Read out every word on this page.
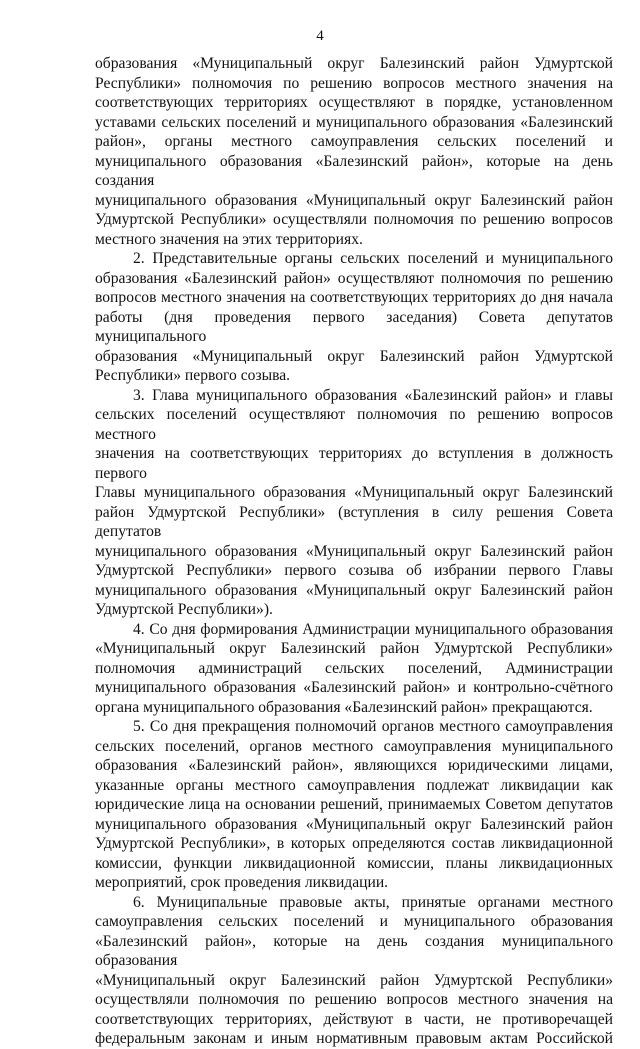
4
образования «Муниципальный округ Балезинский район Удмуртской
Республики» полномочия по решению вопросов местного значения на
соответствующих территориях осуществляют в порядке, установленном
уставами сельских поселений и муниципального образования «Балезинский
район», органы местного самоуправления сельских поселений и
муниципального образования «Балезинский район», которые на день создания
муниципального образования «Муниципальный округ Балезинский район
Удмуртской Республики» осуществляли полномочия по решению вопросов
местного значения на этих территориях.
2. Представительные органы сельских поселений и муниципального
образования «Балезинский район» осуществляют полномочия по решению
вопросов местного значения на соответствующих территориях до дня начала
работы (дня проведения первого заседания) Совета депутатов муниципального
образования «Муниципальный округ Балезинский район Удмуртской
Республики» первого созыва.
3. Глава муниципального образования «Балезинский район» и главы
сельских поселений осуществляют полномочия по решению вопросов местного
значения на соответствующих территориях до вступления в должность первого
Главы муниципального образования «Муниципальный округ Балезинский
район Удмуртской Республики» (вступления в силу решения Совета депутатов
муниципального образования «Муниципальный округ Балезинский район
Удмуртской Республики» первого созыва об избрании первого Главы
муниципального образования «Муниципальный округ Балезинский район
Удмуртской Республики»).
4. Со дня формирования Администрации муниципального образования
«Муниципальный округ Балезинский район Удмуртской Республики»
полномочия администраций сельских поселений, Администрации
муниципального образования «Балезинский район» и контрольно-счётного
органа муниципального образования «Балезинский район» прекращаются.
5. Со дня прекращения полномочий органов местного самоуправления
сельских поселений, органов местного самоуправления муниципального
образования «Балезинский район», являющихся юридическими лицами,
указанные органы местного самоуправления подлежат ликвидации как
юридические лица на основании решений, принимаемых Советом депутатов
муниципального образования «Муниципальный округ Балезинский район
Удмуртской Республики», в которых определяются состав ликвидационной
комиссии, функции ликвидационной комиссии, планы ликвидационных
мероприятий, срок проведения ликвидации.
6. Муниципальные правовые акты, принятые органами местного
самоуправления сельских поселений и муниципального образования
«Балезинский район», которые на день создания муниципального образования
«Муниципальный округ Балезинский район Удмуртской Республики»
осуществляли полномочия по решению вопросов местного значения на
соответствующих территориях, действуют в части, не противоречащей
федеральным законам и иным нормативным правовым актам Российской
